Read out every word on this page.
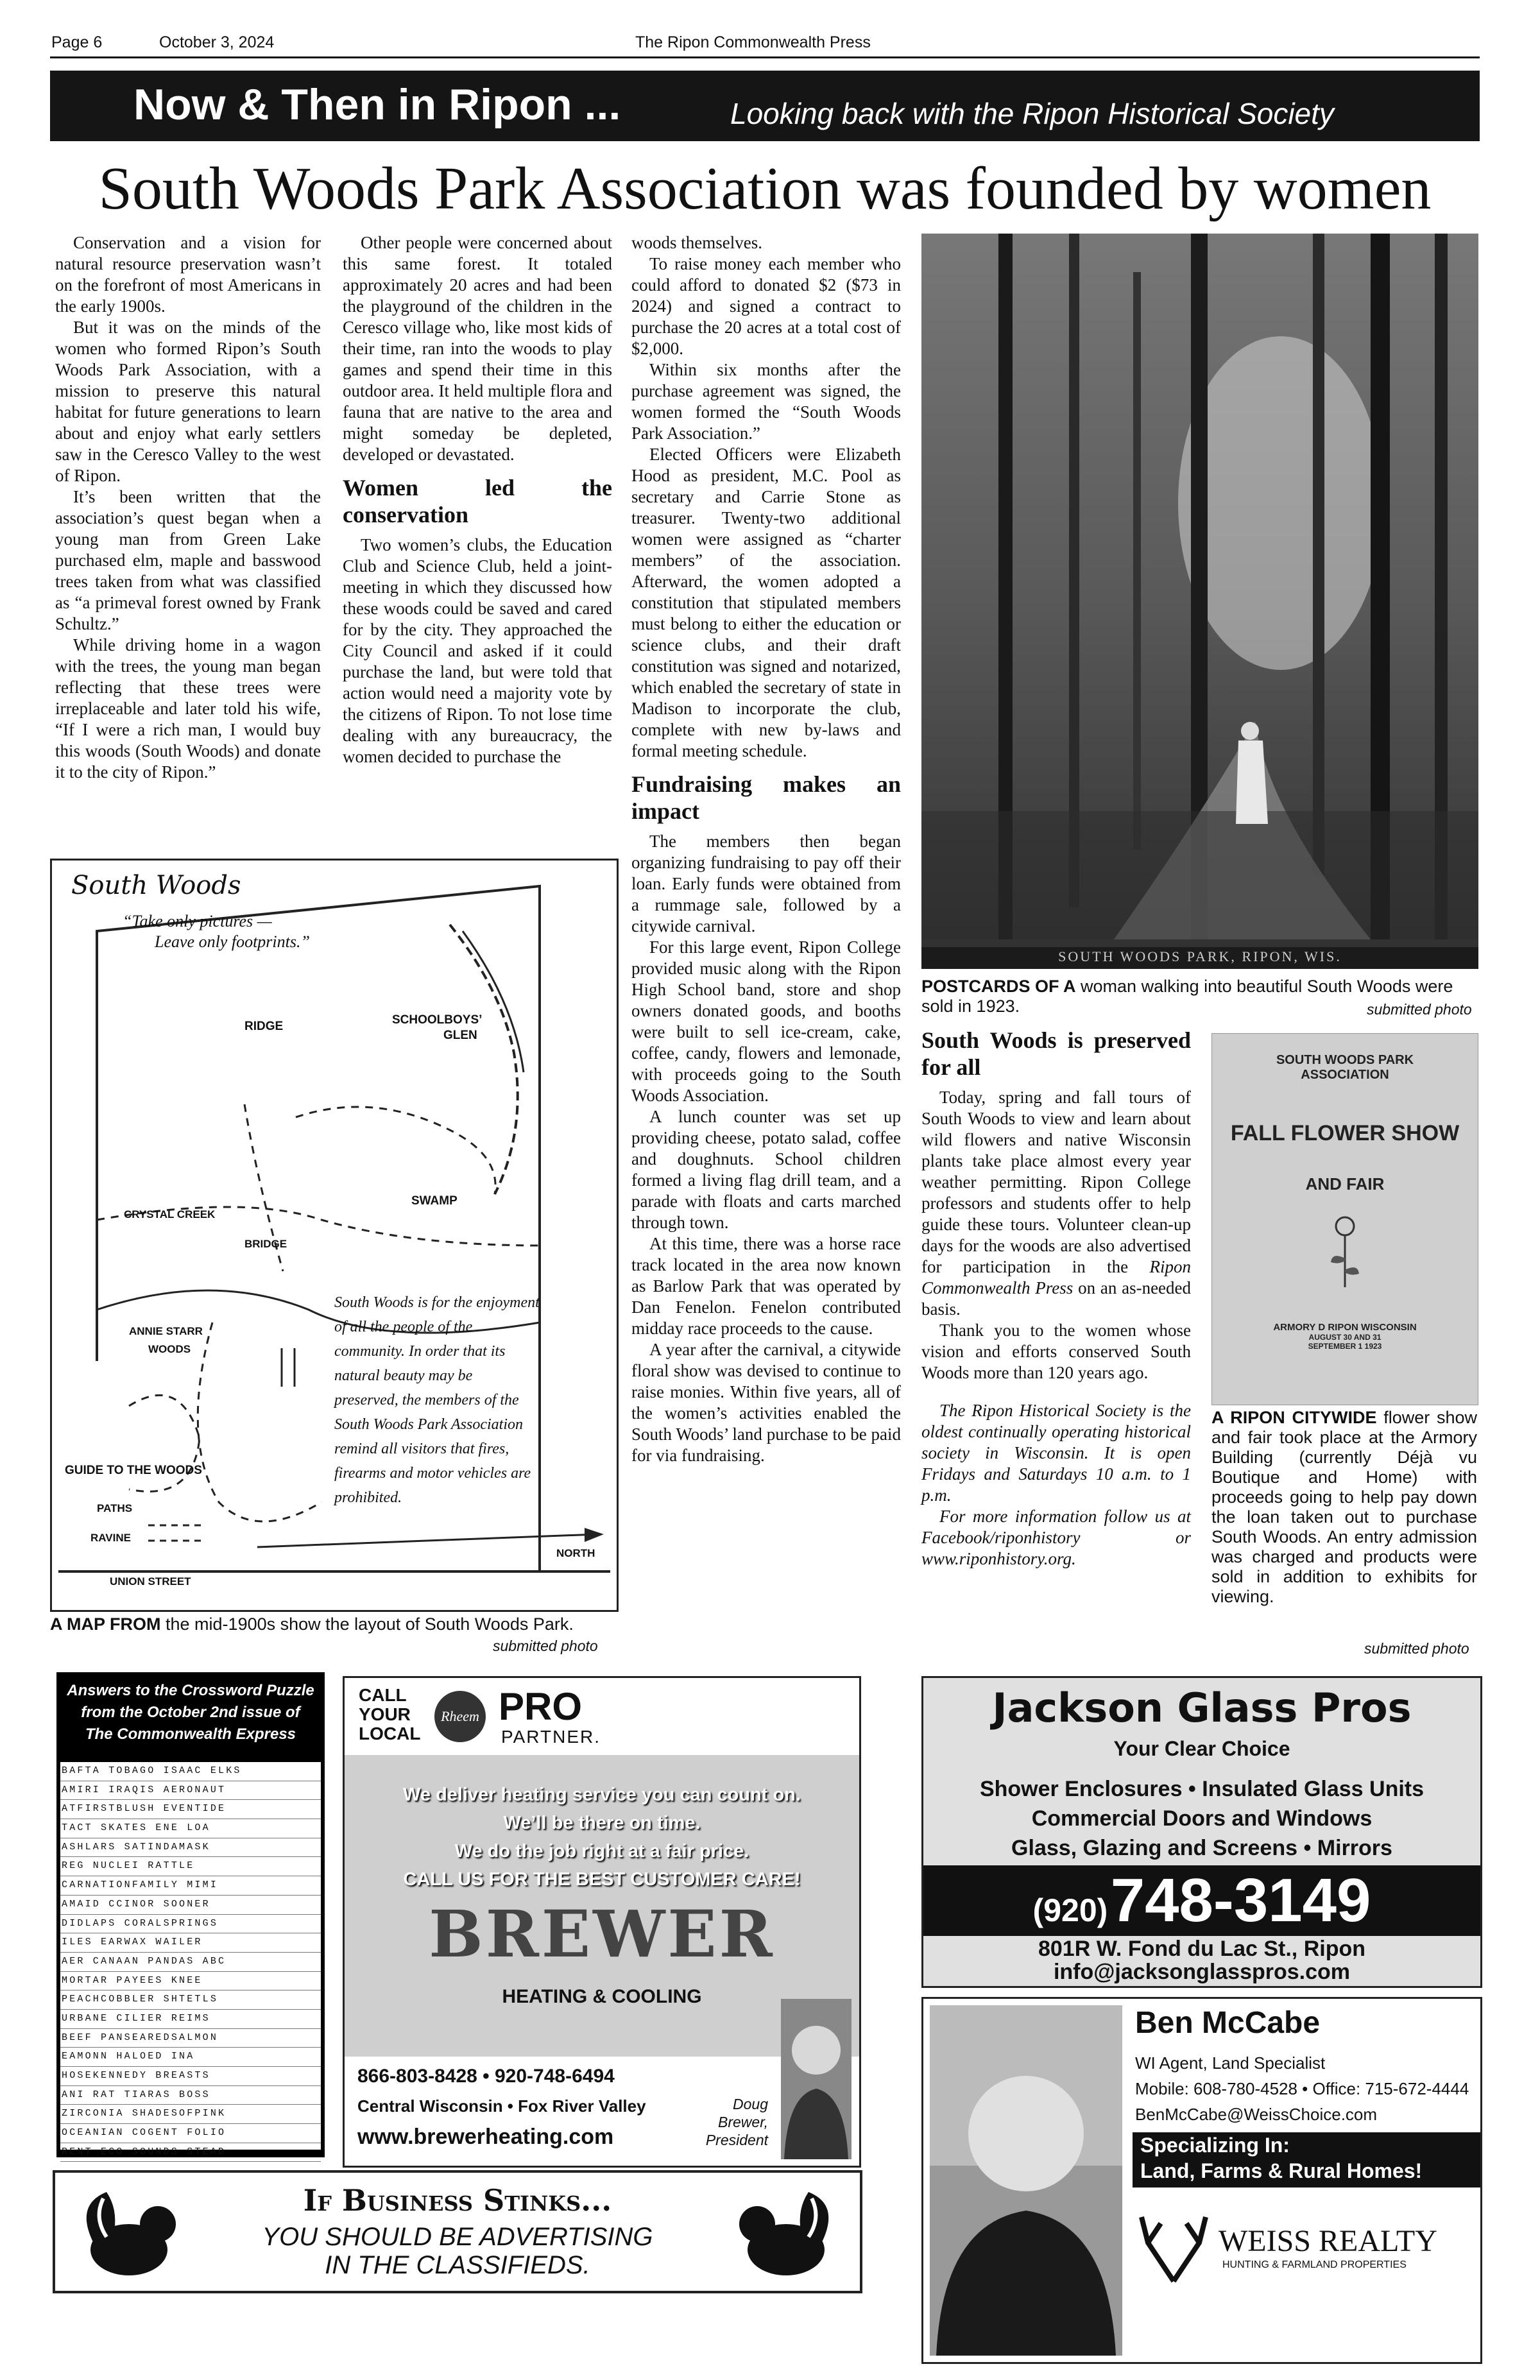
Page 6	October 3, 2024	The Ripon Commonwealth Press
Now & Then in Ripon ...	Looking back with the Ripon Historical Society
South Woods Park Association was founded by women

Conservation and a vision for natural resource preservation wasn’t on the forefront of most Americans in the early 1900s.

But it was on the minds of the women who formed Ripon’s South Woods Park Association, with a mission to preserve this natural habitat for future generations to learn about and enjoy what early settlers saw in the Ceresco Valley to the west of Ripon.

It’s been written that the association’s quest began when a young man from Green Lake purchased elm, maple and basswood trees taken from what was classified as “a primeval forest owned by Frank Schultz.”

While driving home in a wagon with the trees, the young man began reflecting that these trees were irreplaceable and later told his wife, “If I were a rich man, I would buy this woods (South Woods) and donate it to the city of Ripon.”

Other people were concerned about this same forest. It totaled approximately 20 acres and had been the playground of the children in the Ceresco village who, like most kids of their time, ran into the woods to play games and spend their time in this outdoor area. It held multiple flora and fauna that are native to the area and might someday be depleted, developed or devastated.

Women led the conservation

Two women’s clubs, the Education Club and Science Club, held a joint-meeting in which they discussed how these woods could be saved and cared for by the city. They approached the City Council and asked if it could purchase the land, but were told that action would need a majority vote by the citizens of Ripon. To not lose time dealing with any bureaucracy, the women decided to purchase the

woods themselves.

To raise money each member who could afford to donated $2 ($73 in 2024) and signed a contract to purchase the 20 acres at a total cost of $2,000.

Within six months after the purchase agreement was signed, the women formed the “South Woods Park Association.”

Elected Officers were Elizabeth Hood as president, M.C. Pool as secretary and Carrie Stone as treasurer. Twenty-two additional women were assigned as “charter members” of the association. Afterward, the women adopted a constitution that stipulated members must belong to either the education or science clubs, and their draft constitution was signed and notarized, which enabled the secretary of state in Madison to incorporate the club, complete with new by-laws and formal meeting schedule.

Fundraising makes an impact

The members then began organizing fundraising to pay off their loan. Early funds were obtained from a rummage sale, followed by a citywide carnival.

For this large event, Ripon College provided music along with the Ripon High School band, store and shop owners donated goods, and booths were built to sell ice-cream, cake, coffee, candy, flowers and lemonade, with proceeds going to the South Woods Association.

A lunch counter was set up providing cheese, potato salad, coffee and doughnuts. School children formed a living flag drill team, and a parade with floats and carts marched through town.

At this time, there was a horse race track located in the area now known as Barlow Park that was operated by Dan Fenelon. Fenelon contributed midday race proceeds to the cause.

A year after the carnival, a citywide floral show was devised to continue to raise monies. Within five years, all of the women’s activities enabled the South Woods’ land purchase to be paid for via fundraising.

SOUTH WOODS PARK, RIPON, WIS.
POSTCARDS OF A woman walking into beautiful South Woods were sold in 1923.	submitted photo
South Woods is preserved for all

Today, spring and fall tours of South Woods to view and learn about wild flowers and native Wisconsin plants take place almost every year weather permitting. Ripon College professors and students offer to help guide these tours. Volunteer clean-up days for the woods are also advertised for participation in the Ripon Commonwealth Press on an as-needed basis.

Thank you to the women whose vision and efforts conserved South Woods more than 120 years ago.

The Ripon Historical Society is the oldest continually operating historical society in Wisconsin. It is open Fridays and Saturdays 10 a.m. to 1 p.m.

For more information follow us at Facebook/riponhistory or www.riponhistory.org.

SOUTH WOODS PARK
ASSOCIATION
FALL FLOWER SHOW
AND FAIR
ARMORY D RIPON WISCONSIN
AUGUST 30 AND 31
SEPTEMBER 1 1923
A RIPON CITYWIDE flower show and fair took place at the Armory Building (currently Déjà vu Boutique and Home) with proceeds going to help pay down the loan taken out to purchase South Woods. An entry admission was charged and products were sold in addition to exhibits for viewing.
submitted photo
South Woods
“Take only pictures —
Leave only footprints.”
RIDGE	SCHOOLBOYS’
GLEN
SWAMP
CRYSTAL CREEK
BRIDGE
ANNIE STARR
WOODS
South Woods is for the enjoyment of all the people of the community. In order that its natural beauty may be preserved, the members of the South Woods Park Association remind all visitors that fires, firearms and motor vehicles are prohibited.
GUIDE TO THE WOODS
PATHS
RAVINE
UNION STREET
NORTH
A MAP FROM the mid-1900s show the layout of South Woods Park.
submitted photo
Answers to the Crossword Puzzle
from the October 2nd issue of
The Commonwealth Express
BAFTA TOBAGO ISAAC ELKS
AMIRI IRAQIS AERONAUT
ATFIRSTBLUSH EVENTIDE
TACT SKATES ENE LOA
ASHLARS SATINDAMASK
REG NUCLEI RATTLE
CARNATIONFAMILY MIMI
AMAID CCINOR SOONER
DIDLAPS CORALSPRINGS
ILES EARWAX WAILER
AER CANAAN PANDAS ABC
MORTAR PAYEES KNEE
PEACHCOBBLER SHTETLS
URBANE CILIER REIMS
BEEF PANSEAREDSALMON
EAMONN HALOED INA
HOSEKENNEDY BREASTS
ANI RAT TIARAS BOSS
ZIRCONIA SHADESOFPINK
OCEANIAN COGENT FOLIO
RENT ECO SOUNDS STEAD
CALL
YOUR
LOCAL
Rheem PRO
PARTNER.
We deliver heating service you can count on.
We’ll be there on time.
We do the job right at a fair price.
CALL US FOR THE BEST CUSTOMER CARE!
BREWER
HEATING & COOLING
866-803-8428 • 920-748-6494
Central Wisconsin • Fox River Valley
www.brewerheating.com
Doug
Brewer,
President
Jackson Glass Pros
Your Clear Choice
Shower Enclosures • Insulated Glass Units
Commercial Doors and Windows
Glass, Glazing and Screens • Mirrors
(920) 748-3149
801R W. Fond du Lac St., Ripon
info@jacksonglasspros.com
Ben McCabe
WI Agent, Land Specialist
Mobile: 608-780-4528 • Office: 715-672-4444
BenMcCabe@WeissChoice.com
Specializing In:
Land, Farms & Rural Homes!
WEISS REALTY
HUNTING & FARMLAND PROPERTIES
If Business Stinks...
YOU SHOULD BE ADVERTISING
IN THE CLASSIFIEDS.
